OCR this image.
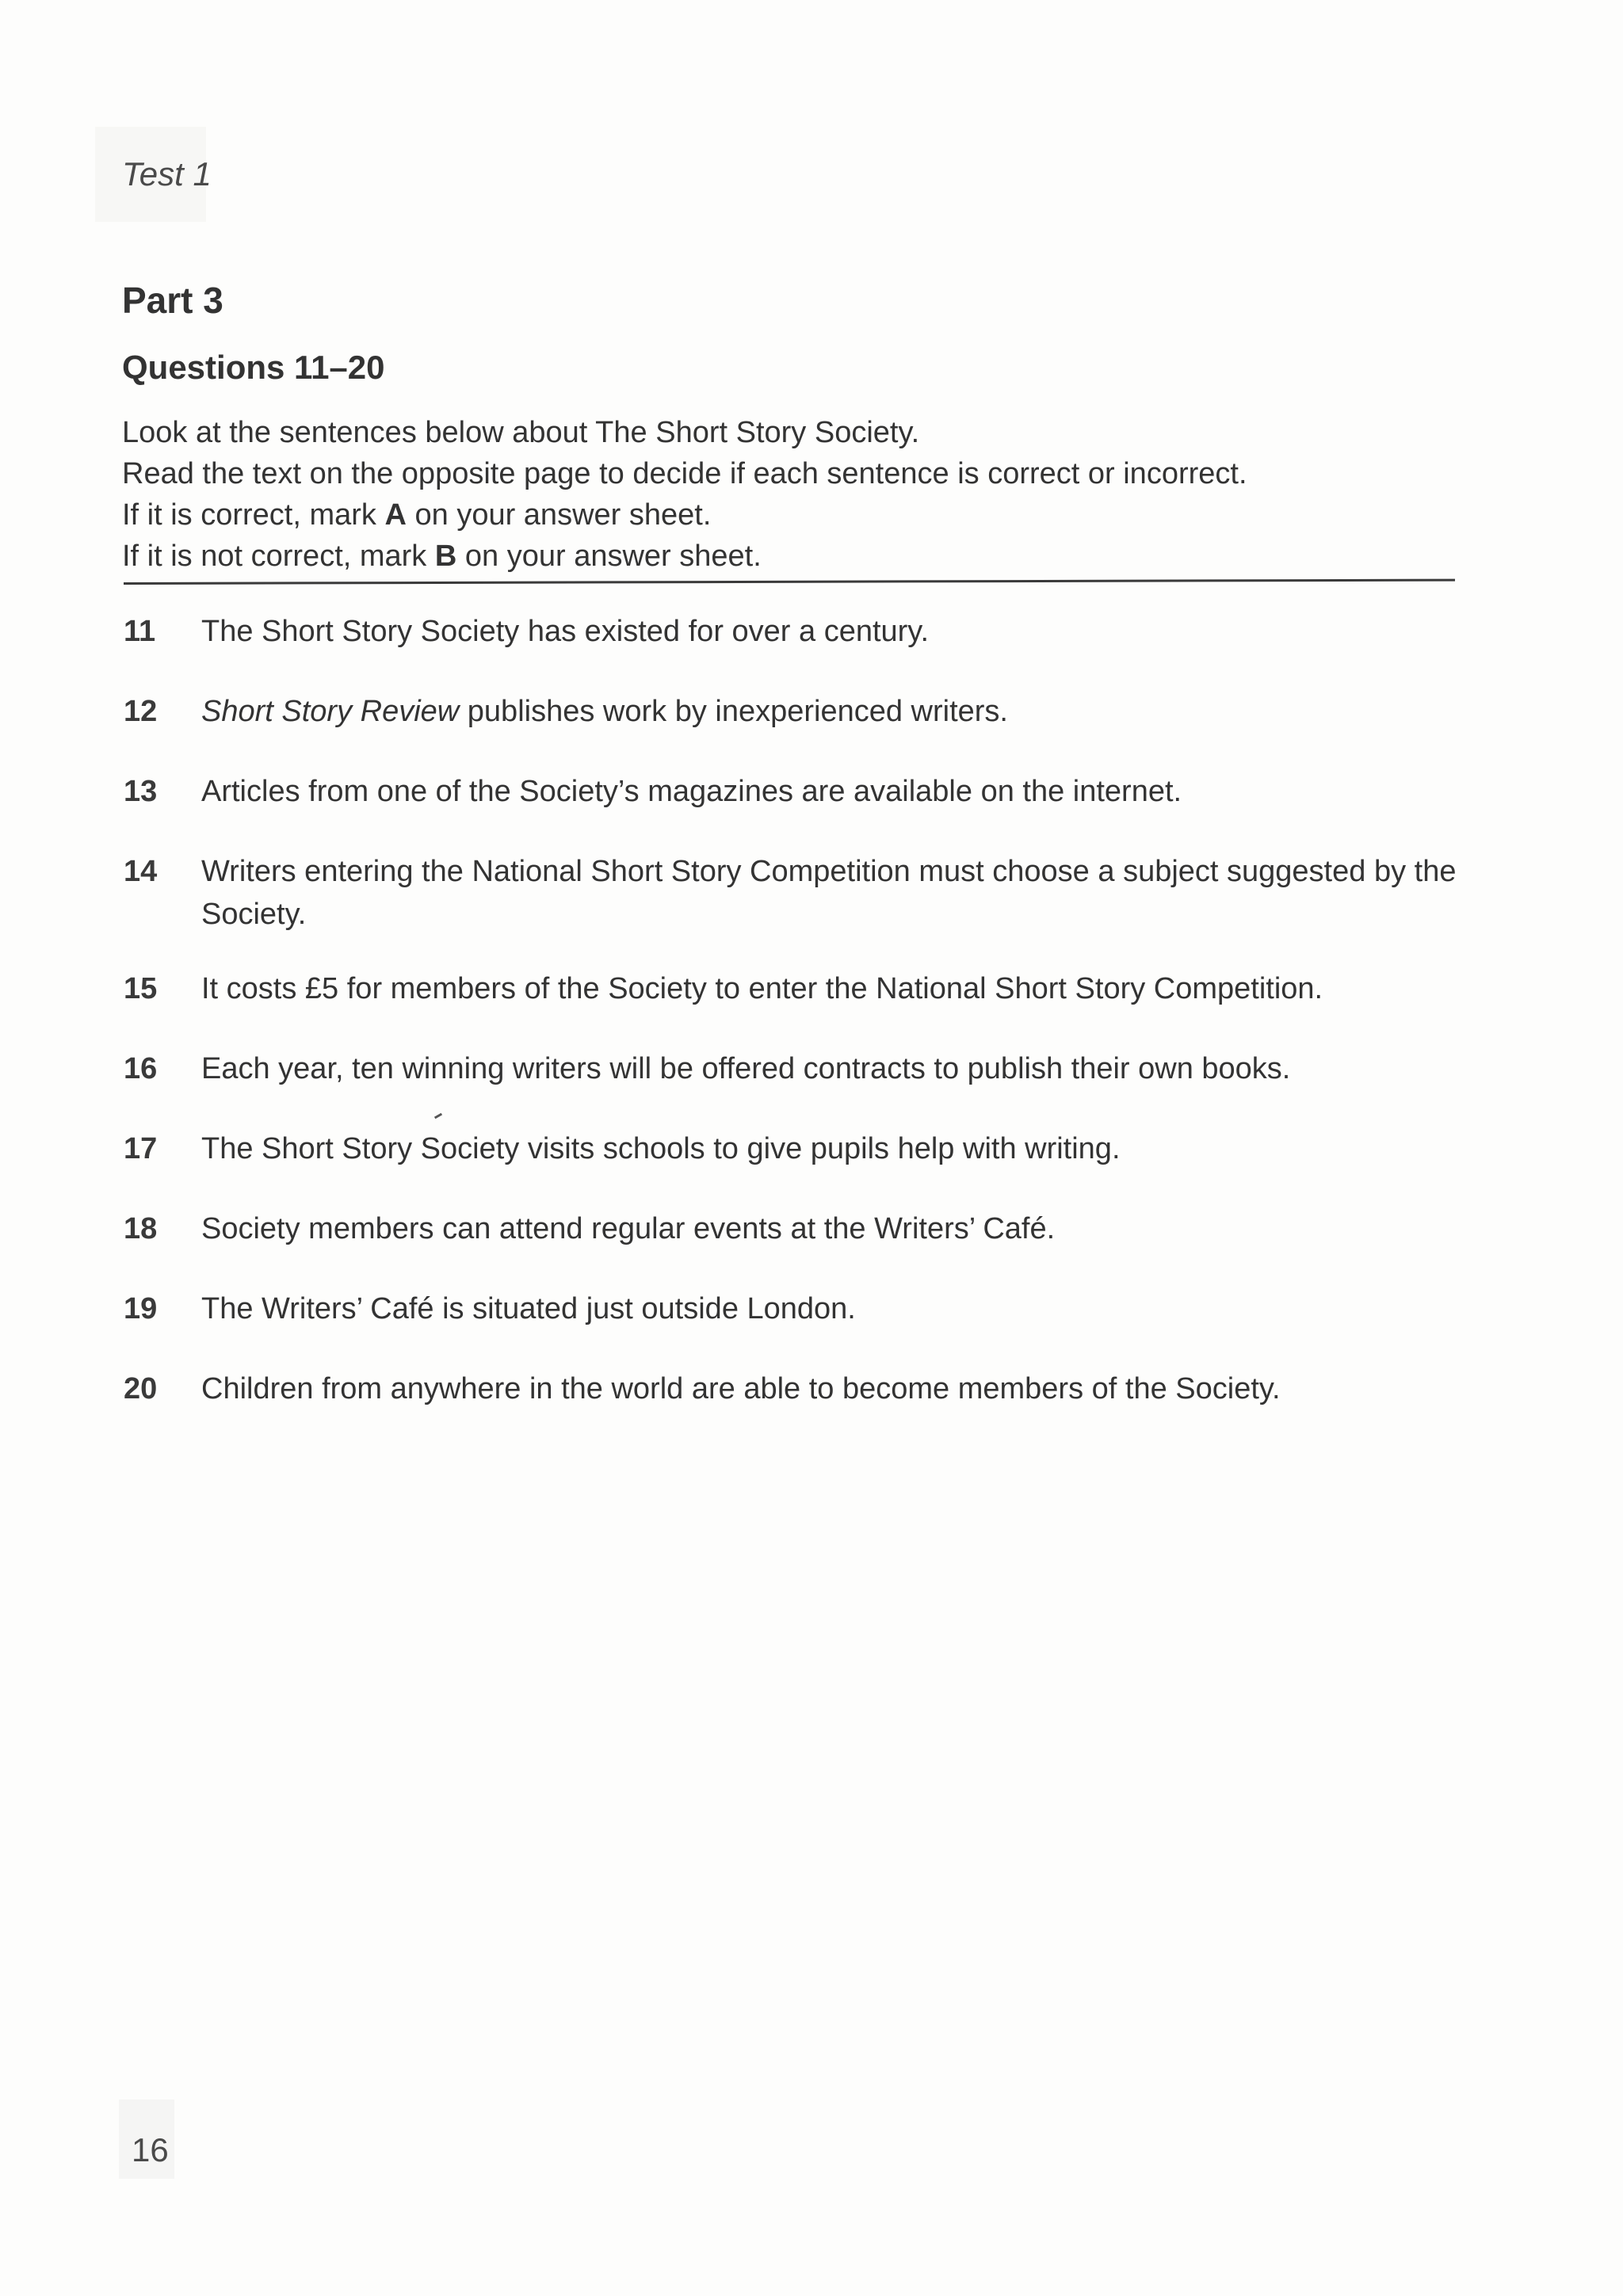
Test 1
Part 3
Questions 11–20
Look at the sentences below about The Short Story Society.
Read the text on the opposite page to decide if each sentence is correct or incorrect.
If it is correct, mark A on your answer sheet.
If it is not correct, mark B on your answer sheet.
11	The Short Story Society has existed for over a century.
12	Short Story Review publishes work by inexperienced writers.
13	Articles from one of the Society’s magazines are available on the internet.
14	Writers entering the National Short Story Competition must choose a subject suggested by the Society.
15	It costs £5 for members of the Society to enter the National Short Story Competition.
16	Each year, ten winning writers will be offered contracts to publish their own books.
17	The Short Story Society visits schools to give pupils help with writing.
18	Society members can attend regular events at the Writers’ Café.
19	The Writers’ Café is situated just outside London.
20	Children from anywhere in the world are able to become members of the Society.
16
